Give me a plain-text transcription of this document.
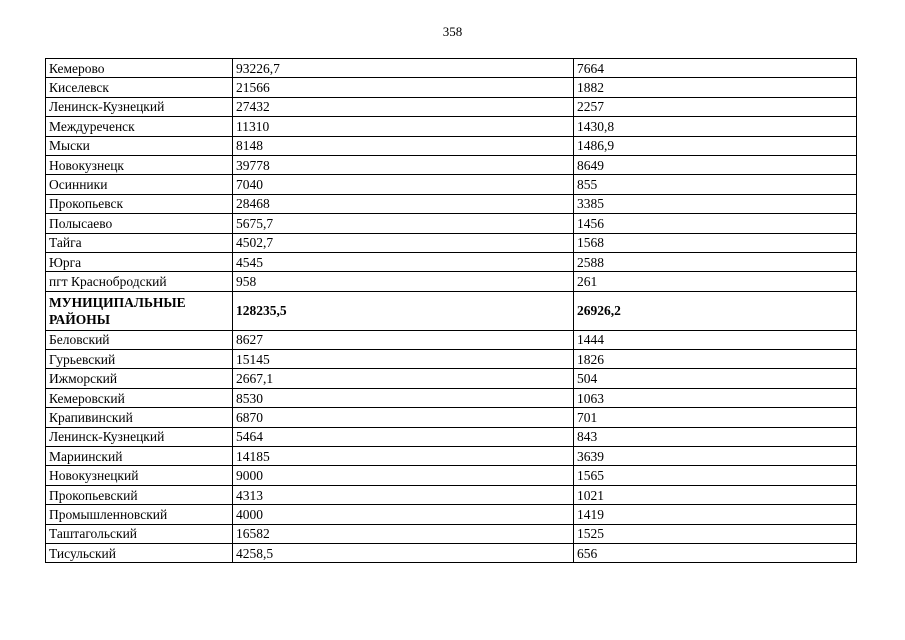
358
Кемерово	93226,7	7664
Киселевск	21566	1882
Ленинск-Кузнецкий	27432	2257
Междуреченск	11310	1430,8
Мыски	8148	1486,9
Новокузнецк	39778	8649
Осинники	7040	855
Прокопьевск	28468	3385
Полысаево	5675,7	1456
Тайга	4502,7	1568
Юрга	4545	2588
пгт Краснобродский	958	261
МУНИЦИПАЛЬНЫЕ РАЙОНЫ	128235,5	26926,2
Беловский	8627	1444
Гурьевский	15145	1826
Ижморский	2667,1	504
Кемеровский	8530	1063
Крапивинский	6870	701
Ленинск-Кузнецкий	5464	843
Мариинский	14185	3639
Новокузнецкий	9000	1565
Прокопьевский	4313	1021
Промышленновский	4000	1419
Таштагольский	16582	1525
Тисульский	4258,5	656
